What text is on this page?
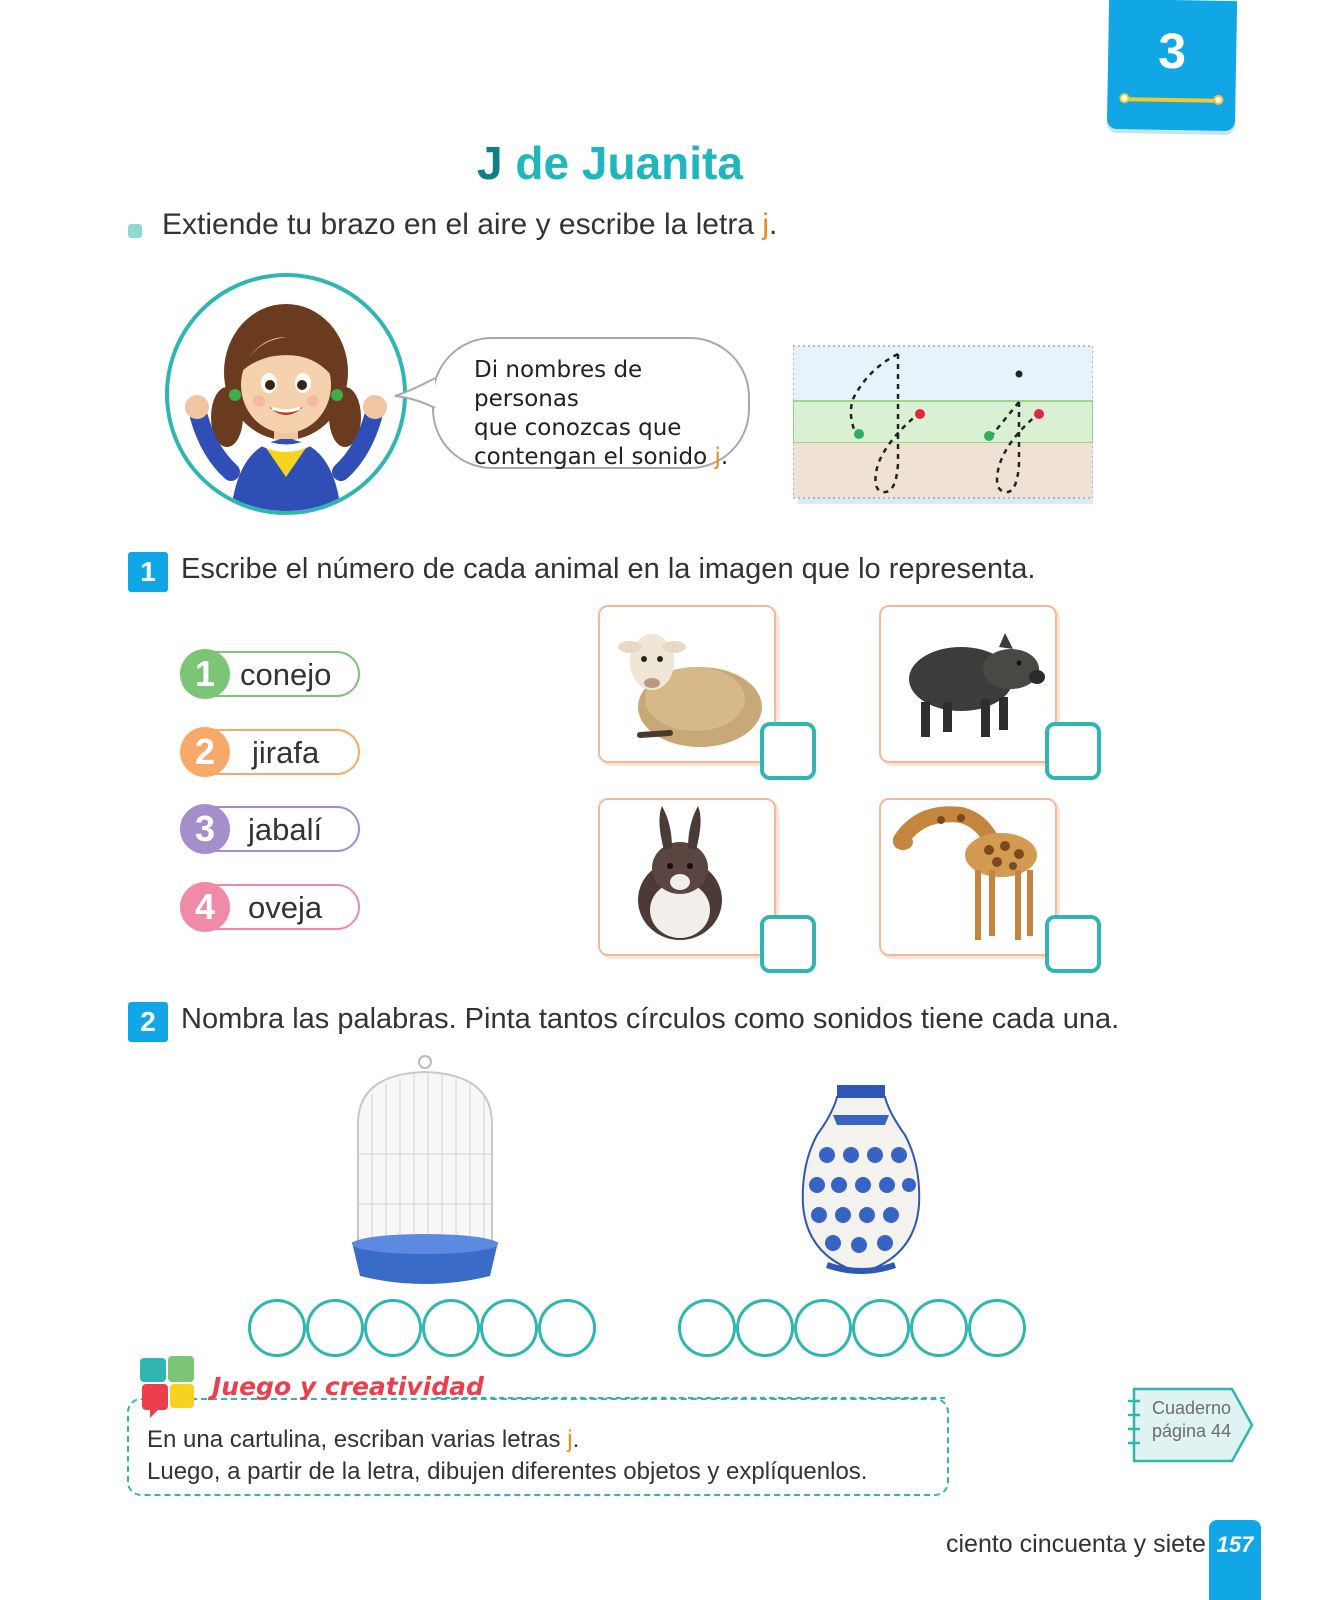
3
J de Juanita
Extiende tu brazo en el aire y escribe la letra j.
Di nombres de personas
que conozcas que
contengan el sonido j.
1 Escribe el número de cada animal en la imagen que lo representa.
1 conejo
2	jirafa
3	jabalí
4	oveja
2 Nombra las palabras. Pinta tantos círculos como sonidos tiene cada una.
Juego y creatividad
En una cartulina, escriban varias letras j.
Luego, a partir de la letra, dibujen diferentes objetos y explíquenlos.
Cuaderno
página 44
ciento cincuenta y siete 157
